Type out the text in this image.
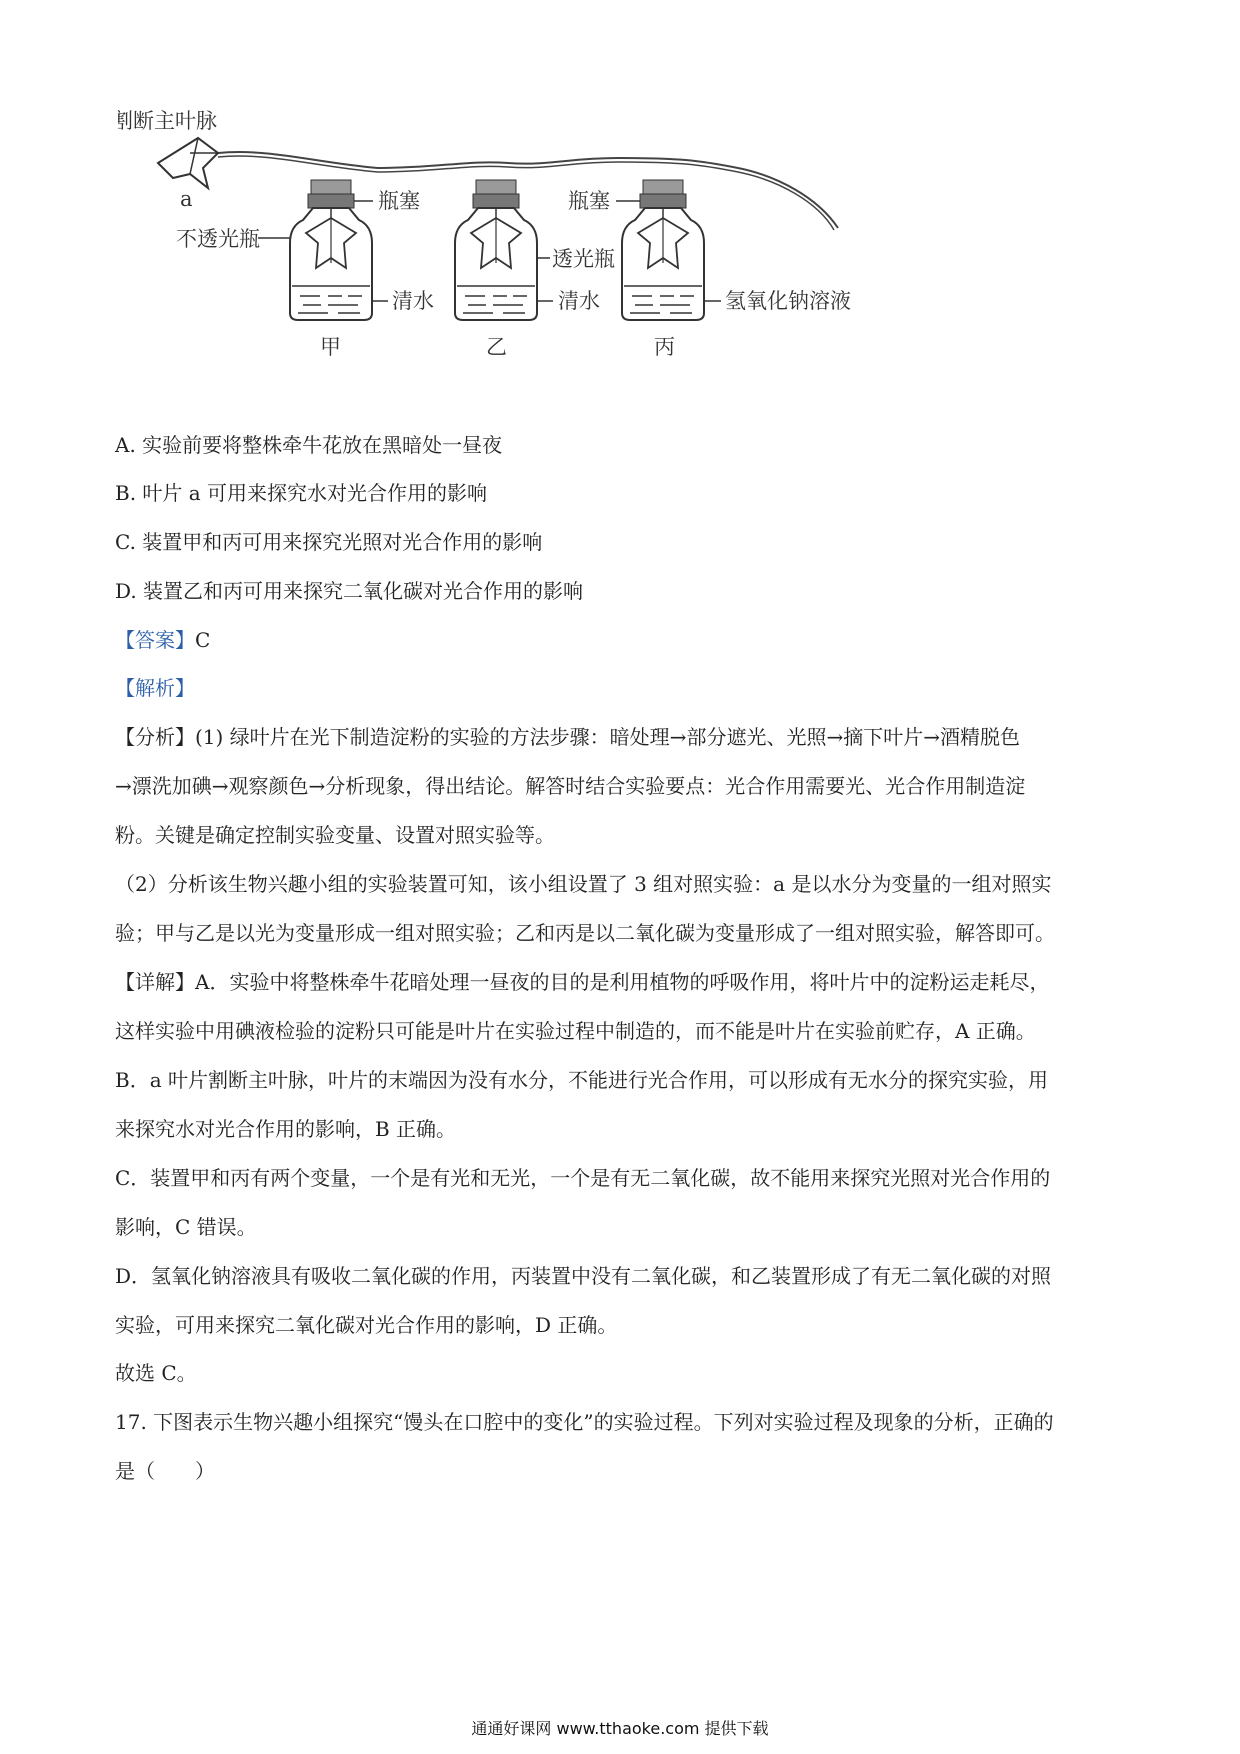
割断主叶脉
a
不透光瓶
瓶塞	瓶塞
透光瓶
清水	清水	氢氧化钠溶液
甲	乙	丙
A. 实验前要将整株牵牛花放在黑暗处一昼夜
B. 叶片 a 可用来探究水对光合作用的影响
C. 装置甲和丙可用来探究光照对光合作用的影响
D. 装置乙和丙可用来探究二氧化碳对光合作用的影响
【答案】C
【解析】
【分析】(1) 绿叶片在光下制造淀粉的实验的方法步骤：暗处理→部分遮光、光照→摘下叶片→酒精脱色
→漂洗加碘→观察颜色→分析现象，得出结论。解答时结合实验要点：光合作用需要光、光合作用制造淀
粉。关键是确定控制实验变量、设置对照实验等。
（2）分析该生物兴趣小组的实验装置可知，该小组设置了 3 组对照实验：a 是以水分为变量的一组对照实
验；甲与乙是以光为变量形成一组对照实验；乙和丙是以二氧化碳为变量形成了一组对照实验，解答即可。
【详解】A．实验中将整株牵牛花暗处理一昼夜的目的是利用植物的呼吸作用，将叶片中的淀粉运走耗尽，
这样实验中用碘液检验的淀粉只可能是叶片在实验过程中制造的，而不能是叶片在实验前贮存，A 正确。
B．a 叶片割断主叶脉，叶片的末端因为没有水分，不能进行光合作用，可以形成有无水分的探究实验，用
来探究水对光合作用的影响，B 正确。
C．装置甲和丙有两个变量，一个是有光和无光，一个是有无二氧化碳，故不能用来探究光照对光合作用的
影响，C 错误。
D．氢氧化钠溶液具有吸收二氧化碳的作用，丙装置中没有二氧化碳，和乙装置形成了有无二氧化碳的对照
实验，可用来探究二氧化碳对光合作用的影响，D 正确。
故选 C。
17. 下图表示生物兴趣小组探究“馒头在口腔中的变化”的实验过程。下列对实验过程及现象的分析，正确的
是（　　）
通通好课网 www.tthaoke.com 提供下载
